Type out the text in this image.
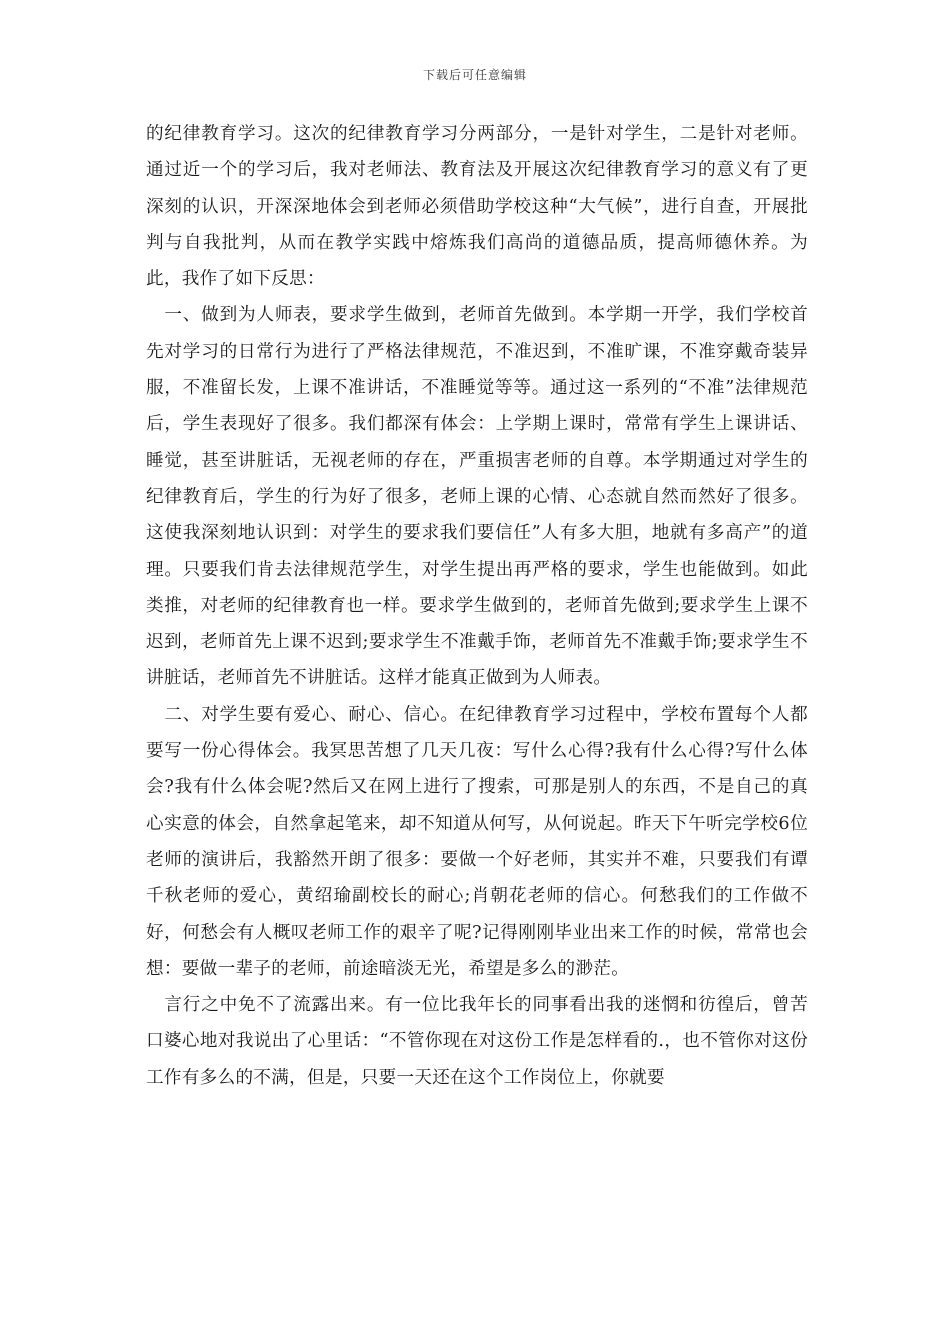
下载后可任意编辑

的纪律教育学习。这次的纪律教育学习分两部分，一是针对学生，二是针对老师。通过近一个的学习后，我对老师法、教育法及开展这次纪律教育学习的意义有了更深刻的认识，开深深地体会到老师必须借助学校这种“大气候”，进行自查，开展批判与自我批判，从而在教学实践中熔炼我们高尚的道德品质，提高师德休养。为此，我作了如下反思：

　一、做到为人师表，要求学生做到，老师首先做到。本学期一开学，我们学校首先对学习的日常行为进行了严格法律规范，不准迟到，不准旷课，不准穿戴奇装异服，不准留长发，上课不准讲话，不准睡觉等等。通过这一系列的“不准”法律规范后，学生表现好了很多。我们都深有体会：上学期上课时，常常有学生上课讲话、睡觉，甚至讲脏话，无视老师的存在，严重损害老师的自尊。本学期通过对学生的纪律教育后，学生的行为好了很多，老师上课的心情、心态就自然而然好了很多。这使我深刻地认识到：对学生的要求我们要信任”人有多大胆，地就有多高产”的道理。只要我们肯去法律规范学生，对学生提出再严格的要求，学生也能做到。如此类推，对老师的纪律教育也一样。要求学生做到的，老师首先做到;要求学生上课不迟到，老师首先上课不迟到;要求学生不准戴手饰，老师首先不准戴手饰;要求学生不讲脏话，老师首先不讲脏话。这样才能真正做到为人师表。

　二、对学生要有爱心、耐心、信心。在纪律教育学习过程中，学校布置每个人都要写一份心得体会。我冥思苦想了几天几夜：写什么心得?我有什么心得?写什么体会?我有什么体会呢?然后又在网上进行了搜索，可那是别人的东西，不是自己的真心实意的体会，自然拿起笔来，却不知道从何写，从何说起。昨天下午听完学校6位老师的演讲后，我豁然开朗了很多：要做一个好老师，其实并不难，只要我们有谭千秋老师的爱心，黄绍瑜副校长的耐心;肖朝花老师的信心。何愁我们的工作做不好，何愁会有人概叹老师工作的艰辛了呢?记得刚刚毕业出来工作的时候，常常也会想：要做一辈子的老师，前途暗淡无光，希望是多么的渺茫。

　言行之中免不了流露出来。有一位比我年长的同事看出我的迷惘和彷徨后，曾苦口婆心地对我说出了心里话：“不管你现在对这份工作是怎样看的.，也不管你对这份工作有多么的不满，但是，只要一天还在这个工作岗位上，你就要
